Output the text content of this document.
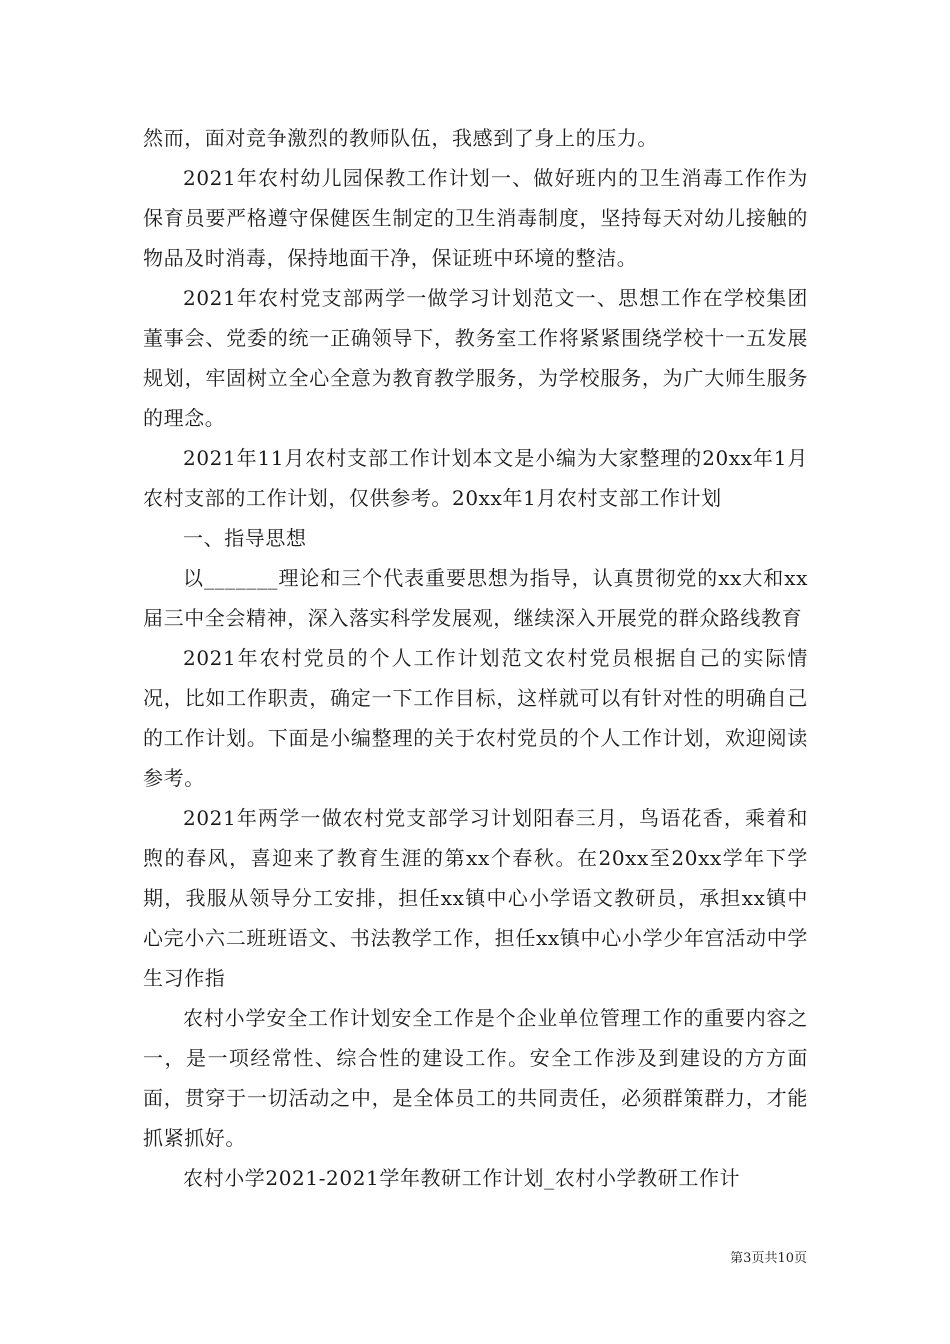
然而，面对竞争激烈的教师队伍，我感到了身上的压力。

2021年农村幼儿园保教工作计划一、做好班内的卫生消毒工作作为保育员要严格遵守保健医生制定的卫生消毒制度，坚持每天对幼儿接触的物品及时消毒，保持地面干净，保证班中环境的整洁。

2021年农村党支部两学一做学习计划范文一、思想工作在学校集团董事会、党委的统一正确领导下，教务室工作将紧紧围绕学校十一五发展规划，牢固树立全心全意为教育教学服务，为学校服务，为广大师生服务的理念。

2021年11月农村支部工作计划本文是小编为大家整理的20xx年1月农村支部的工作计划，仅供参考。20xx年1月农村支部工作计划

一、指导思想

以_______理论和三个代表重要思想为指导，认真贯彻党的xx大和xx届三中全会精神，深入落实科学发展观，继续深入开展党的群众路线教育

2021年农村党员的个人工作计划范文农村党员根据自己的实际情况，比如工作职责，确定一下工作目标，这样就可以有针对性的明确自己的工作计划。下面是小编整理的关于农村党员的个人工作计划，欢迎阅读参考。

2021年两学一做农村党支部学习计划阳春三月，鸟语花香，乘着和煦的春风，喜迎来了教育生涯的第xx个春秋。在20xx至20xx学年下学期，我服从领导分工安排，担任xx镇中心小学语文教研员，承担xx镇中心完小六二班班语文、书法教学工作，担任xx镇中心小学少年宫活动中学生习作指

农村小学安全工作计划安全工作是个企业单位管理工作的重要内容之一，是一项经常性、综合性的建设工作。安全工作涉及到建设的方方面面，贯穿于一切活动之中，是全体员工的共同责任，必须群策群力，才能抓紧抓好。

农村小学2021-2021学年教研工作计划_农村小学教研工作计

第3页共10页
